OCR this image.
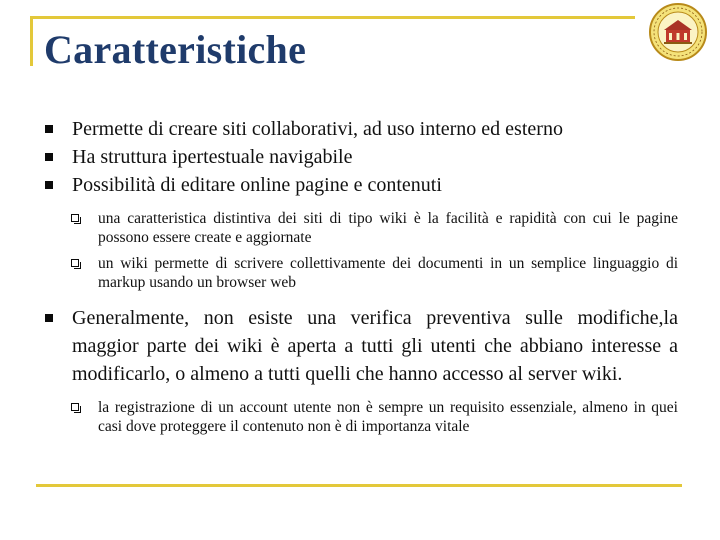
Caratteristiche
Permette di creare siti collaborativi, ad uso interno ed esterno
Ha struttura ipertestuale navigabile
Possibilità di editare online pagine e contenuti
una caratteristica distintiva dei siti di tipo wiki è la facilità e rapidità con cui le pagine possono essere create e aggiornate
un wiki permette di scrivere collettivamente dei documenti in un semplice linguaggio di markup usando un browser web
Generalmente, non esiste una verifica preventiva sulle modifiche,la maggior parte dei wiki è aperta a tutti gli utenti che abbiano interesse a modificarlo, o almeno a tutti quelli che hanno accesso al server wiki.
la registrazione di un account utente non è sempre un requisito essenziale, almeno in quei casi dove proteggere il contenuto non è di importanza vitale
